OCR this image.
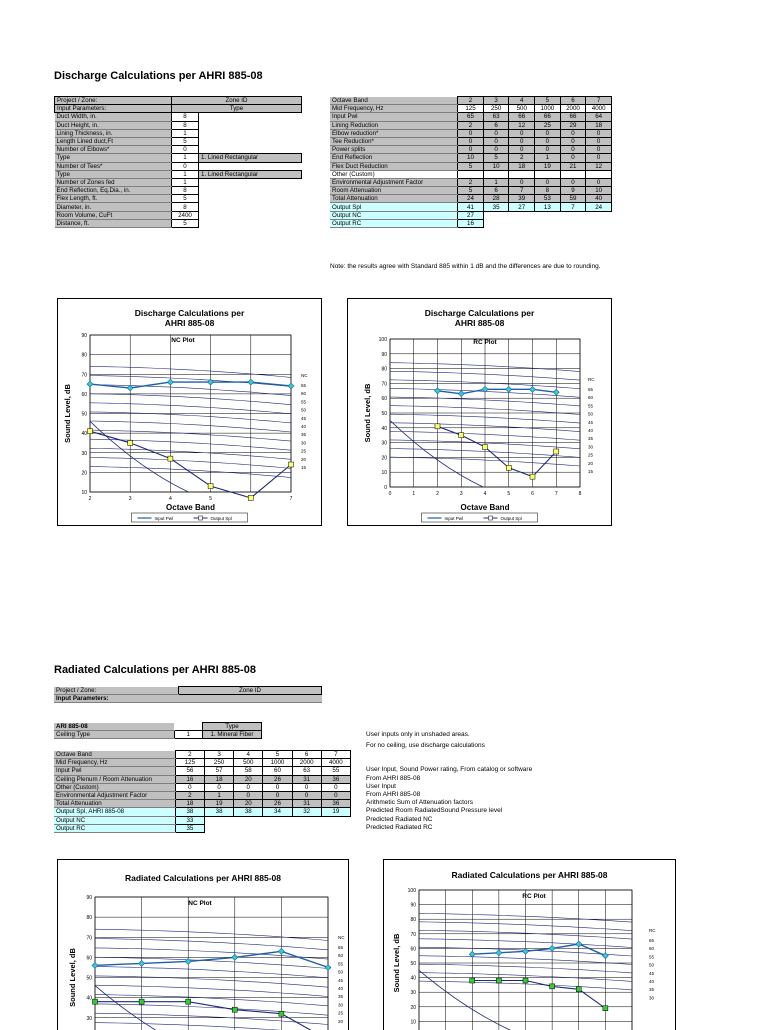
Discharge Calculations per AHRI 885-08
Project / Zone:	Zone ID	
Input Parameters:	Type	
Duct Width, in.	8	
Duct Height, in.	8	
Lining Thickness, in.	1	
Length Lined duct,Ft	5	
Number of Elbows*	0	
Type	1	1. Lined Rectangular
Number of Tees*	0	
Type	1	1. Lined Rectangular
Number of Zones fed	1	
End Reflection, Eq.Dia., in.	8	
Flex Length, ft.	5	
Diameter, in.	8	
Room Volume, CuFt	2400	
Distance, ft.	5	
Octave Band	2	3	4	5	6	7
Mid Frequency, Hz	125	250	500	1000	2000	4000
Input Pwl	65	63	66	66	66	64
Lining Reduction	2	6	12	25	29	18
Elbow reduction*	0	0	0	0	0	0
Tee Reduction*	0	0	0	0	0	0
Power splits	0	0	0	0	0	0
End Reflection	10	5	2	1	0	0
Flex Duct Reduction	5	10	18	19	21	12
Other (Custom)						
Environmental Adjustment Factor	2	1	0	0	0	0
Room Attenuation	5	6	7	8	9	10
Total Attenuation	24	28	39	53	59	40
Output Spl	41	35	27	13	7	24
Output NC	27					
Output RC	16					
Note: the results agree with Standard 885 within 1 dB and the differences are due to rounding.
Discharge Calculations per
AHRI 885-08
NC Plot
10
20
30
40
50
60
70
80
90
2	3	4	5	7
NC
65
60
55
50
45
40
35
30
25
20
15
Sound Level, dB
Octave Band
Input Pwl	Output Spl
Discharge Calculations per
AHRI 885-08
RC Plot
0
10
20
30
40
50
60
70
80
90
100
0	1	2	3	4	5	6	7	8
RC
65
60
55
50
45
40
35
30
25
20
15
Sound Level, dB
Octave Band
Input Pwl	Output Spl
Radiated Calculations per AHRI 885-08
Project / Zone:	Zone ID
Input Parameters:	
ARI 885-08		Type
Ceiling Type	1	1. Mineral Fiber	User inputs only in unshaded areas.
For no ceiling, use discharge calculations
Octave Band	2	3	4	5	6	7
Mid Frequency, Hz	125	250	500	1000	2000	4000
Input Pwl	56	57	58	60	63	55
Ceiling Plenum / Room Attenuation	16	18	20	26	31	36
Other (Custom)	0	0	0	0	0	0
Environmental Adjustment Factor	2	1	0	0	0	0
Total Attenuation	18	19	20	26	31	36
Output Spl, AHRI 885-08	38	38	38	34	32	19
Output NC	33					
Output RC	35					
User Input, Sound Power rating, From catalog or software
From AHRI 885-08
User Input
From AHRI 885-08
Arithmetic Sum of Attenuation factors
Predicted Room RadiatedSound Pressure level
Predicted Radiated NC
Predicted Radiated RC
Radiated Calculations per AHRI 885-08
NC Plot
30
40
50
60
70
80
90
NC
65
60
55
50
45
40
35
30
25
20
Sound Level, dB
Radiated Calculations per AHRI 885-08
RC Plot
10
20
30
40
50
60
70
80
90
100
RC
65
60
55
50
45
40
35
30
Sound Level, dB
